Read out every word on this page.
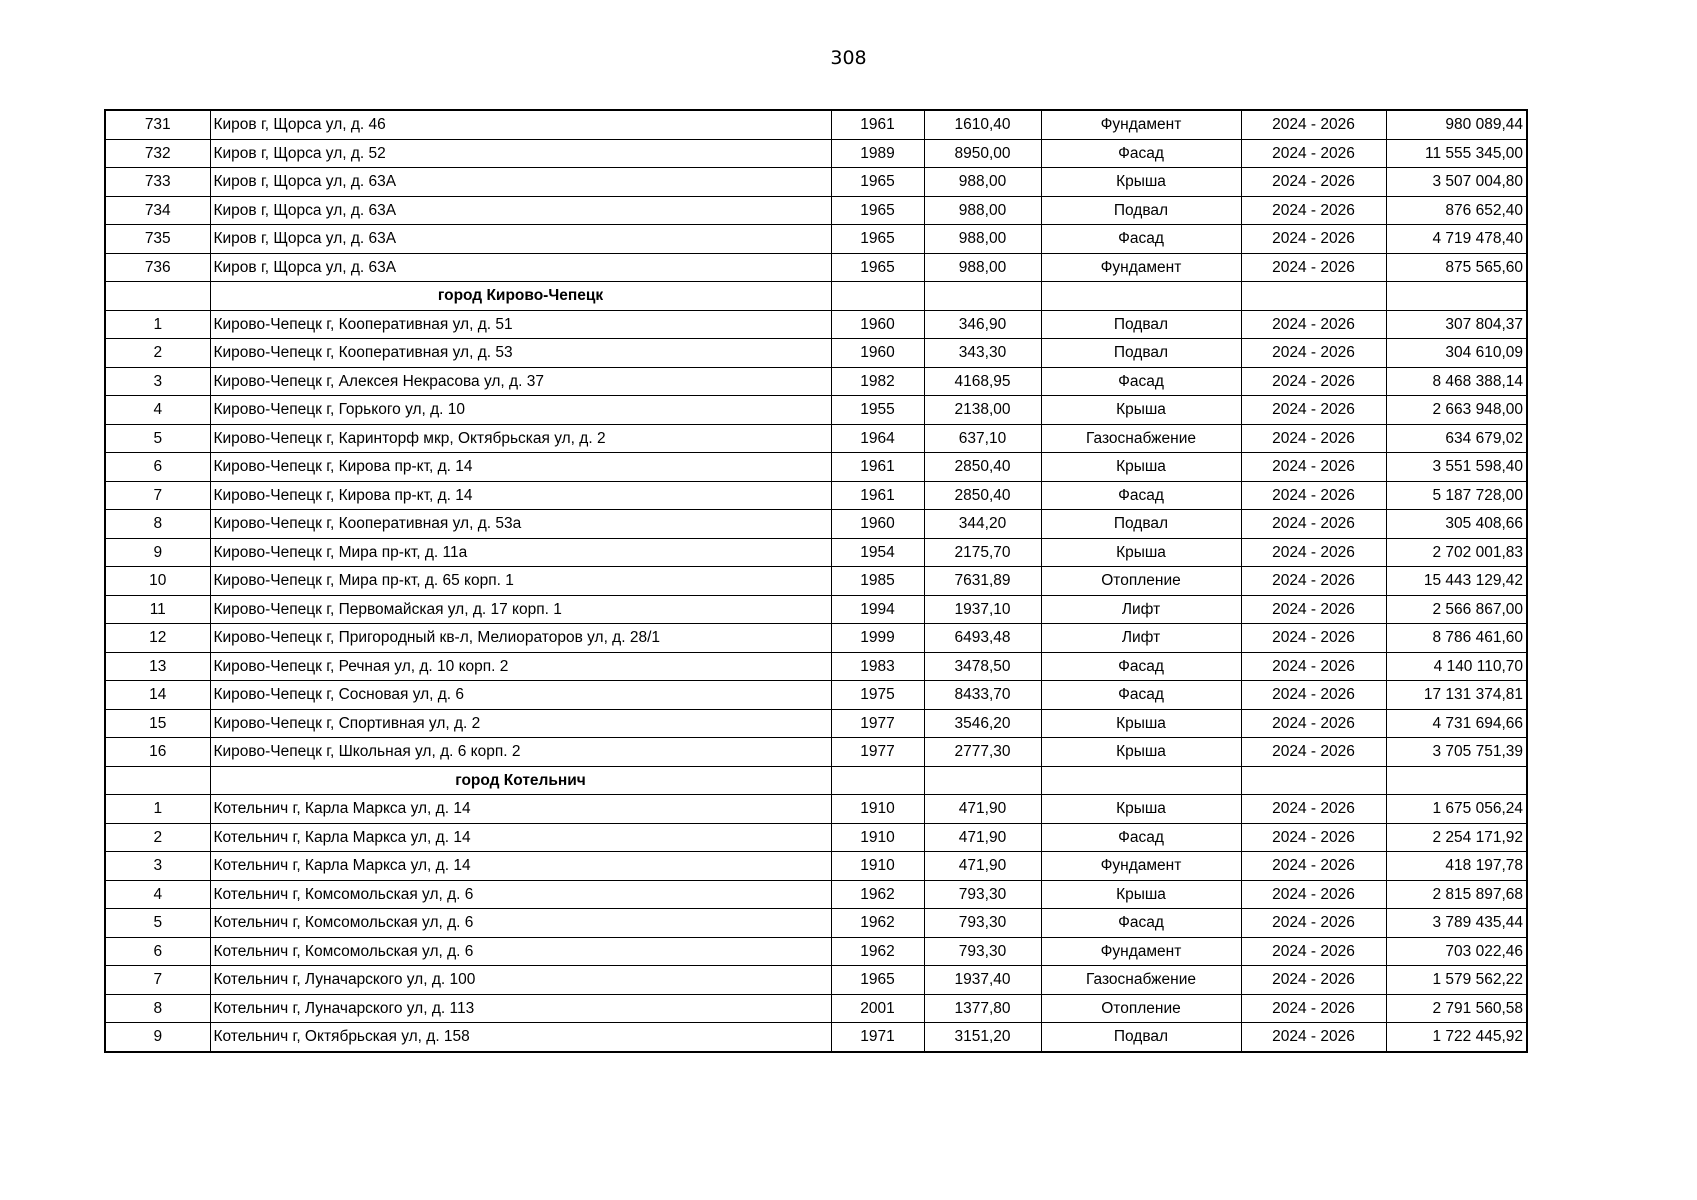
308
731	Киров г, Щорса ул, д. 46	1961	1610,40	Фундамент	2024 - 2026	980 089,44
732	Киров г, Щорса ул, д. 52	1989	8950,00	Фасад	2024 - 2026	11 555 345,00
733	Киров г, Щорса ул, д. 63А	1965	988,00	Крыша	2024 - 2026	3 507 004,80
734	Киров г, Щорса ул, д. 63А	1965	988,00	Подвал	2024 - 2026	876 652,40
735	Киров г, Щорса ул, д. 63А	1965	988,00	Фасад	2024 - 2026	4 719 478,40
736	Киров г, Щорса ул, д. 63А	1965	988,00	Фундамент	2024 - 2026	875 565,60
	город Кирово-Чепецк					
1	Кирово-Чепецк г, Кооперативная ул, д. 51	1960	346,90	Подвал	2024 - 2026	307 804,37
2	Кирово-Чепецк г, Кооперативная ул, д. 53	1960	343,30	Подвал	2024 - 2026	304 610,09
3	Кирово-Чепецк г, Алексея Некрасова ул, д. 37	1982	4168,95	Фасад	2024 - 2026	8 468 388,14
4	Кирово-Чепецк г, Горького ул, д. 10	1955	2138,00	Крыша	2024 - 2026	2 663 948,00
5	Кирово-Чепецк г, Каринторф мкр, Октябрьская ул, д. 2	1964	637,10	Газоснабжение	2024 - 2026	634 679,02
6	Кирово-Чепецк г, Кирова пр-кт, д. 14	1961	2850,40	Крыша	2024 - 2026	3 551 598,40
7	Кирово-Чепецк г, Кирова пр-кт, д. 14	1961	2850,40	Фасад	2024 - 2026	5 187 728,00
8	Кирово-Чепецк г, Кооперативная ул, д. 53а	1960	344,20	Подвал	2024 - 2026	305 408,66
9	Кирово-Чепецк г, Мира пр-кт, д. 11а	1954	2175,70	Крыша	2024 - 2026	2 702 001,83
10	Кирово-Чепецк г, Мира пр-кт, д. 65 корп. 1	1985	7631,89	Отопление	2024 - 2026	15 443 129,42
11	Кирово-Чепецк г, Первомайская ул, д. 17 корп. 1	1994	1937,10	Лифт	2024 - 2026	2 566 867,00
12	Кирово-Чепецк г, Пригородный кв-л, Мелиораторов ул, д. 28/1	1999	6493,48	Лифт	2024 - 2026	8 786 461,60
13	Кирово-Чепецк г, Речная ул, д. 10 корп. 2	1983	3478,50	Фасад	2024 - 2026	4 140 110,70
14	Кирово-Чепецк г, Сосновая ул, д. 6	1975	8433,70	Фасад	2024 - 2026	17 131 374,81
15	Кирово-Чепецк г, Спортивная ул, д. 2	1977	3546,20	Крыша	2024 - 2026	4 731 694,66
16	Кирово-Чепецк г, Школьная ул, д. 6 корп. 2	1977	2777,30	Крыша	2024 - 2026	3 705 751,39
	город Котельнич					
1	Котельнич г, Карла Маркса ул, д. 14	1910	471,90	Крыша	2024 - 2026	1 675 056,24
2	Котельнич г, Карла Маркса ул, д. 14	1910	471,90	Фасад	2024 - 2026	2 254 171,92
3	Котельнич г, Карла Маркса ул, д. 14	1910	471,90	Фундамент	2024 - 2026	418 197,78
4	Котельнич г, Комсомольская ул, д. 6	1962	793,30	Крыша	2024 - 2026	2 815 897,68
5	Котельнич г, Комсомольская ул, д. 6	1962	793,30	Фасад	2024 - 2026	3 789 435,44
6	Котельнич г, Комсомольская ул, д. 6	1962	793,30	Фундамент	2024 - 2026	703 022,46
7	Котельнич г, Луначарского ул, д. 100	1965	1937,40	Газоснабжение	2024 - 2026	1 579 562,22
8	Котельнич г, Луначарского ул, д. 113	2001	1377,80	Отопление	2024 - 2026	2 791 560,58
9	Котельнич г, Октябрьская ул, д. 158	1971	3151,20	Подвал	2024 - 2026	1 722 445,92
